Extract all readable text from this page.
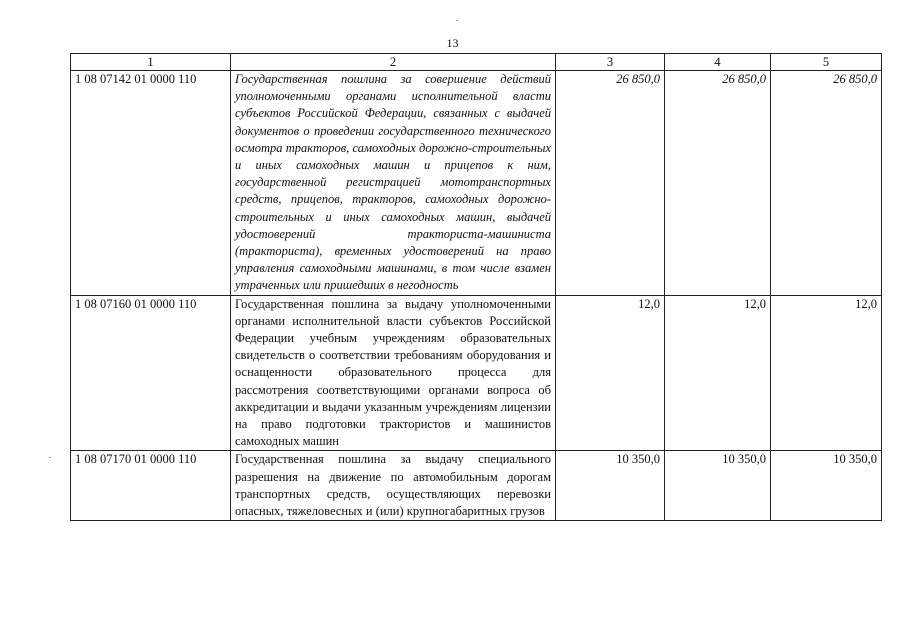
13
1	2	3	4	5
1 08 07142 01 0000 110	Государственная пошлина за совершение действий уполномоченными органами исполнительной власти субъектов Российской Федерации, связанных с выдачей документов о проведении государственного технического осмотра тракторов, самоходных дорожно-строительных и иных самоходных машин и прицепов к ним, государственной регистрацией мототранспортных средств, прицепов, тракторов, самоходных дорожно-строительных и иных самоходных машин, выдачей удостоверений тракториста-машиниста (тракториста), временных удостоверений на право управления самоходными машинами, в том числе взамен утраченных или пришедших в негодность	26 850,0	26 850,0	26 850,0
1 08 07160 01 0000 110	Государственная пошлина за выдачу уполномоченными органами исполнительной власти субъектов Российской Федерации учебным учреждениям образовательных свидетельств о соответствии требованиям оборудования и оснащенности образовательного процесса для рассмотрения соответствующими органами вопроса об аккредитации и выдачи указанным учреждениям лицензии на право подготовки трактористов и машинистов самоходных машин	12,0	12,0	12,0
1 08 07170 01 0000 110	Государственная пошлина за выдачу специального разрешения на движение по автомобильным дорогам транспортных средств, осуществляющих перевозки опасных, тяжеловесных и (или) крупногабаритных грузов	10 350,0	10 350,0	10 350,0
